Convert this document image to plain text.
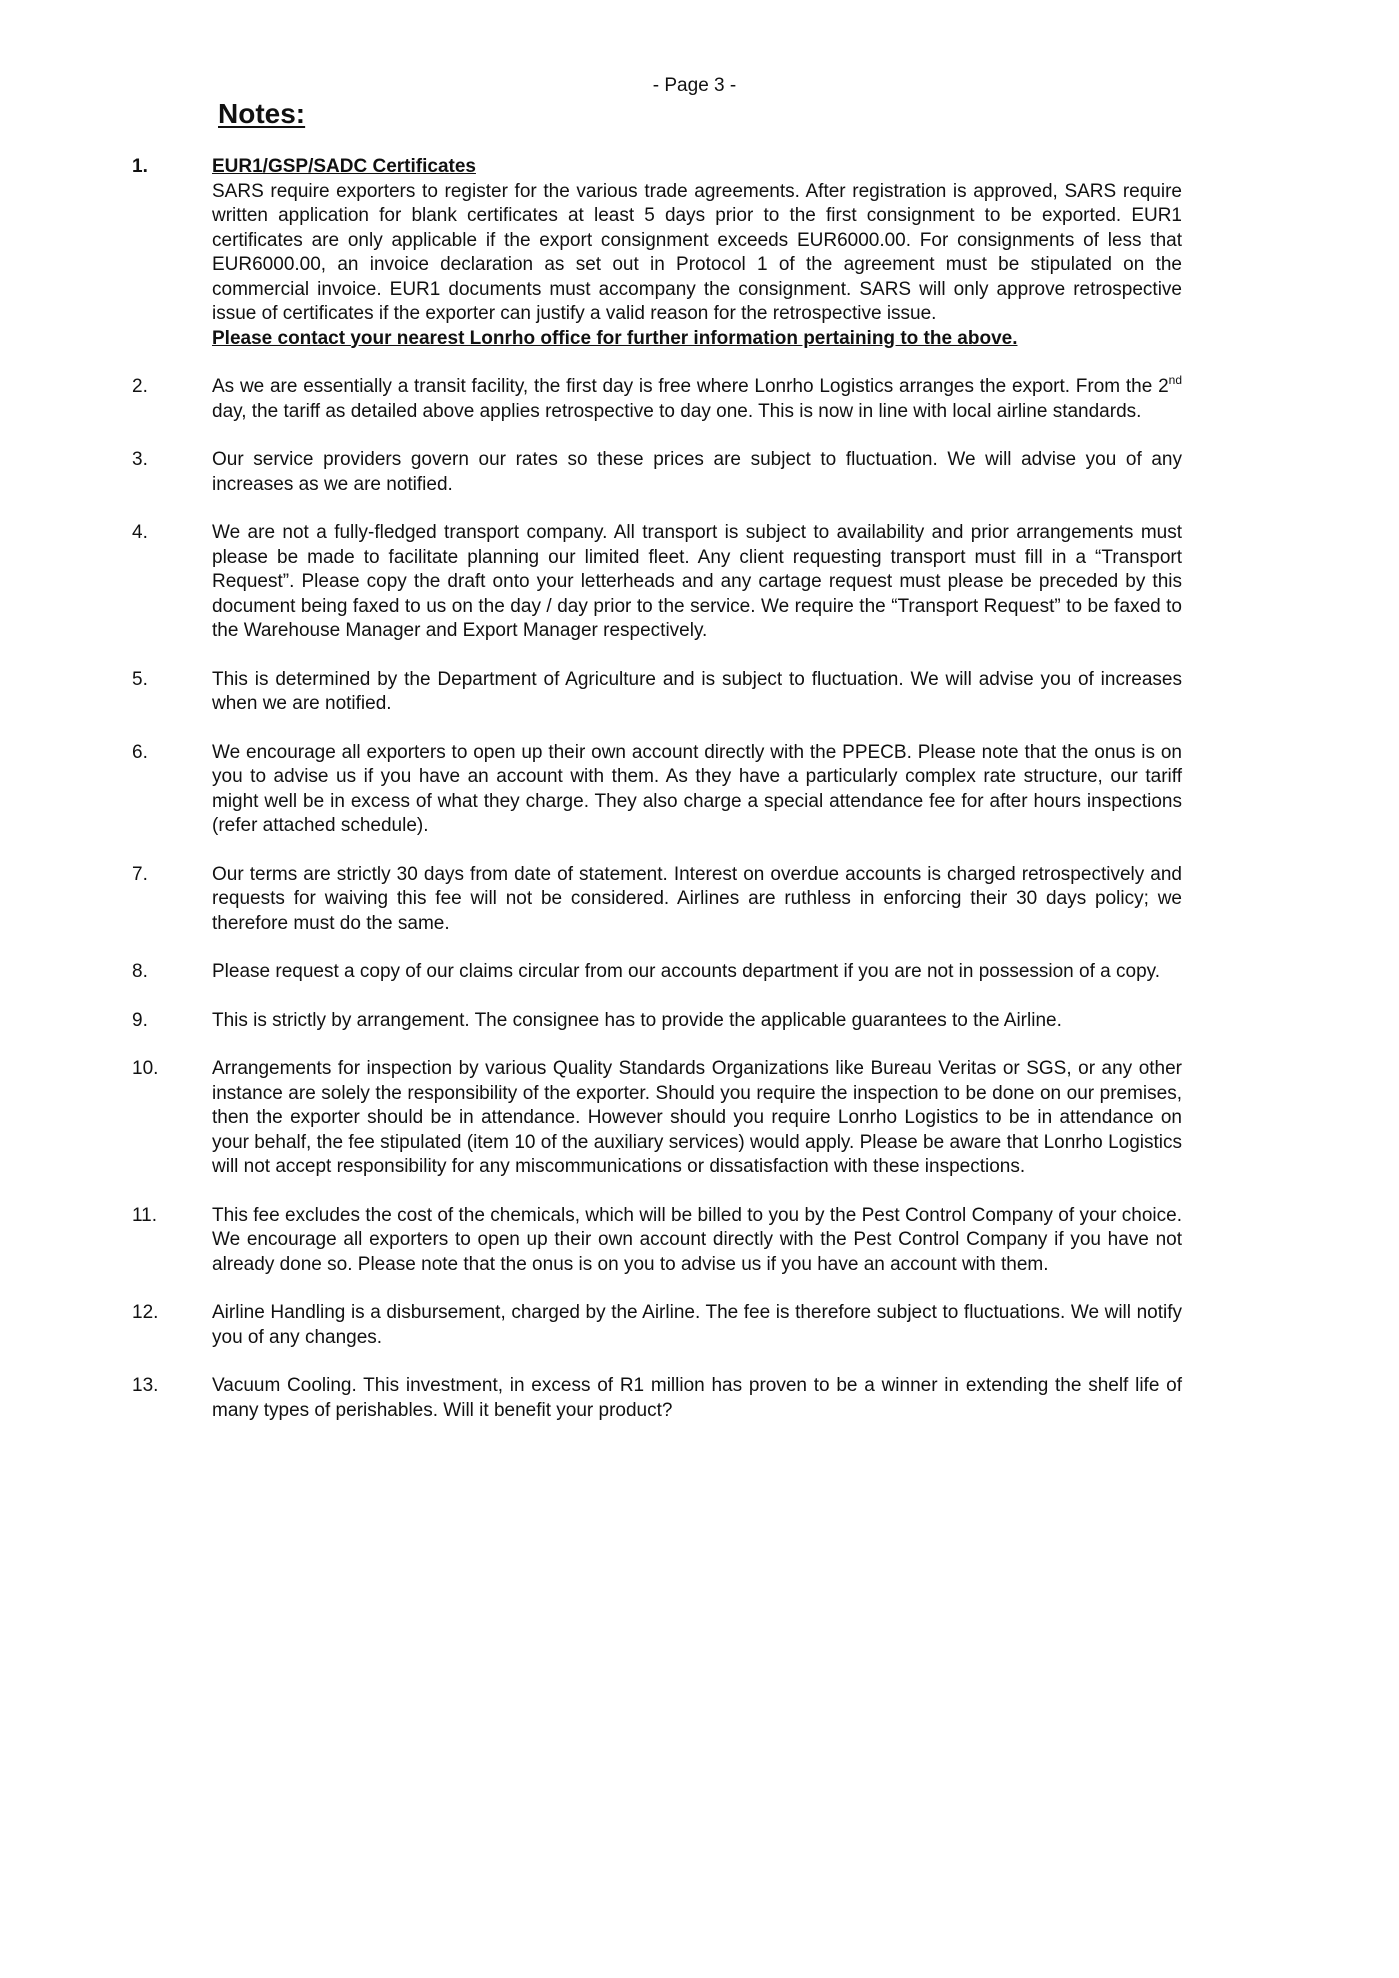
- Page 3 -
Notes:
1.	EUR1/GSP/SADC Certificates
SARS require exporters to register for the various trade agreements. After registration is approved, SARS require written application for blank certificates at least 5 days prior to the first consignment to be exported. EUR1 certificates are only applicable if the export consignment exceeds EUR6000.00. For consignments of less that EUR6000.00, an invoice declaration as set out in Protocol 1 of the agreement must be stipulated on the commercial invoice. EUR1 documents must accompany the consignment. SARS will only approve retrospective issue of certificates if the exporter can justify a valid reason for the retrospective issue.
Please contact your nearest Lonrho office for further information pertaining to the above.
2.	As we are essentially a transit facility, the first day is free where Lonrho Logistics arranges the export. From the 2nd day, the tariff as detailed above applies retrospective to day one. This is now in line with local airline standards.
3.	Our service providers govern our rates so these prices are subject to fluctuation. We will advise you of any increases as we are notified.
4.	We are not a fully-fledged transport company. All transport is subject to availability and prior arrangements must please be made to facilitate planning our limited fleet. Any client requesting transport must fill in a “Transport Request”. Please copy the draft onto your letterheads and any cartage request must please be preceded by this document being faxed to us on the day / day prior to the service. We require the “Transport Request” to be faxed to the Warehouse Manager and Export Manager respectively.
5.	This is determined by the Department of Agriculture and is subject to fluctuation. We will advise you of increases when we are notified.
6.	We encourage all exporters to open up their own account directly with the PPECB. Please note that the onus is on you to advise us if you have an account with them. As they have a particularly complex rate structure, our tariff might well be in excess of what they charge. They also charge a special attendance fee for after hours inspections (refer attached schedule).
7.	Our terms are strictly 30 days from date of statement. Interest on overdue accounts is charged retrospectively and requests for waiving this fee will not be considered. Airlines are ruthless in enforcing their 30 days policy; we therefore must do the same.
8.	Please request a copy of our claims circular from our accounts department if you are not in possession of a copy.
9.	This is strictly by arrangement. The consignee has to provide the applicable guarantees to the Airline.
10.	Arrangements for inspection by various Quality Standards Organizations like Bureau Veritas or SGS, or any other instance are solely the responsibility of the exporter. Should you require the inspection to be done on our premises, then the exporter should be in attendance. However should you require Lonrho Logistics to be in attendance on your behalf, the fee stipulated (item 10 of the auxiliary services) would apply. Please be aware that Lonrho Logistics will not accept responsibility for any miscommunications or dissatisfaction with these inspections.
11.	This fee excludes the cost of the chemicals, which will be billed to you by the Pest Control Company of your choice. We encourage all exporters to open up their own account directly with the Pest Control Company if you have not already done so. Please note that the onus is on you to advise us if you have an account with them.
12.	Airline Handling is a disbursement, charged by the Airline. The fee is therefore subject to fluctuations. We will notify you of any changes.
13.	Vacuum Cooling. This investment, in excess of R1 million has proven to be a winner in extending the shelf life of many types of perishables. Will it benefit your product?
